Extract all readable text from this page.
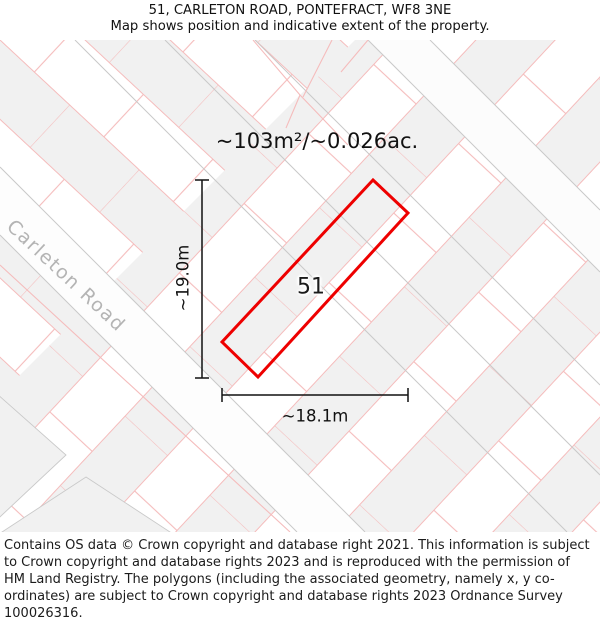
51, CARLETON ROAD, PONTEFRACT, WF8 3NE
Map shows position and indicative extent of the property.
~103m²/~0.026ac.
51
~19.0m
~18.1m
Carleton Road
Contains OS data © Crown copyright and database right 2021. This information is subject to Crown copyright and database rights 2023 and is reproduced with the permission of HM Land Registry. The polygons (including the associated geometry, namely x, y co-ordinates) are subject to Crown copyright and database rights 2023 Ordnance Survey 100026316.
